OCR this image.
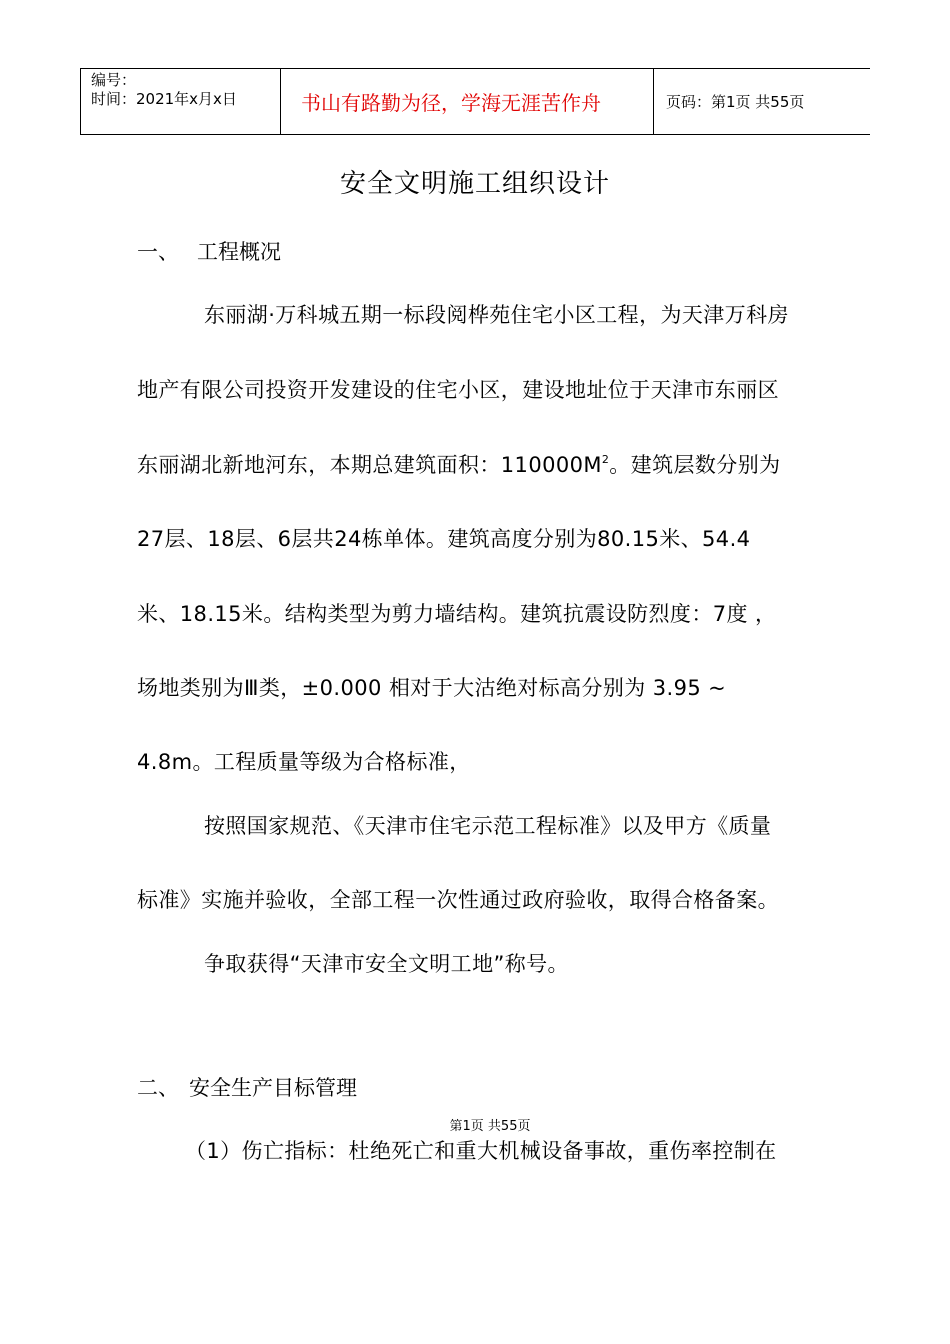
编号：
时间：2021年x月x日	书山有路勤为径，学海无涯苦作舟	页码：第1页 共55页
安全文明施工组织设计
一、 工程概况
东丽湖·万科城五期一标段阅桦苑住宅小区工程，为天津万科房
地产有限公司投资开发建设的住宅小区，建设地址位于天津市东丽区
东丽湖北新地河东，本期总建筑面积：$110000M^2$。建筑层数分别为
27层、18层、6层共24栋单体。建筑高度分别为80.15米、54.4
米、18.15米。结构类型为剪力墙结构。建筑抗震设防烈度：7度 ，
场地类别为Ⅲ类，±0.000 相对于大沽绝对标高分别为 3.95 ~
4.8m。工程质量等级为合格标准，
按照国家规范、《天津市住宅示范工程标准》以及甲方《质量
标准》实施并验收，全部工程一次性通过政府验收，取得合格备案。
争取获得“天津市安全文明工地”称号。
二、 安全生产目标管理
第1页 共55页
（1）伤亡指标：杜绝死亡和重大机械设备事故，重伤率控制在
